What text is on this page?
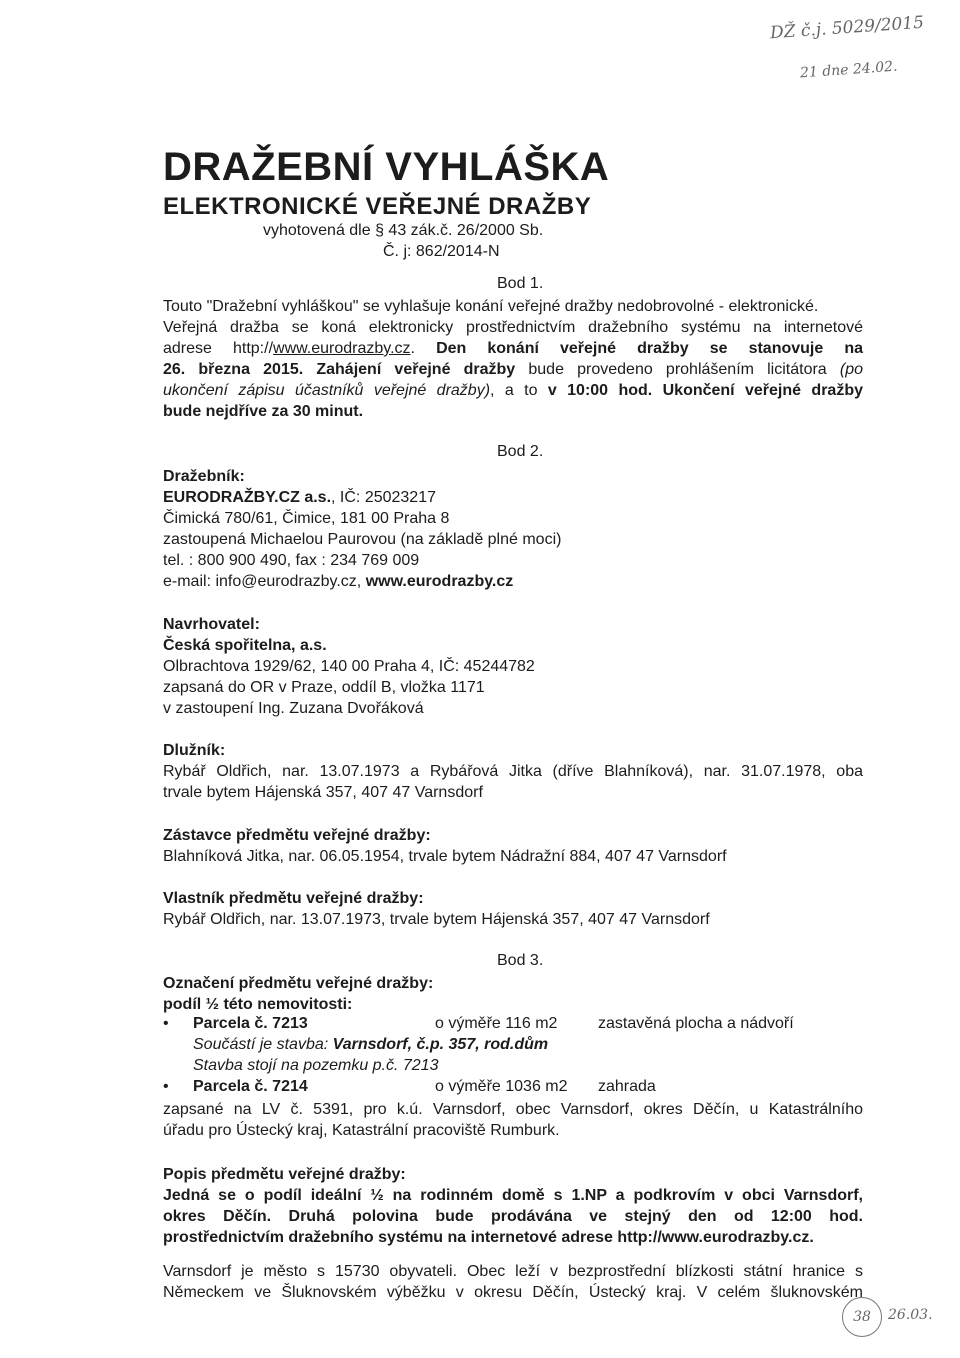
DŽ č.j. 5029/2015
21 dne 24.02.
DRAŽEBNÍ VYHLÁŠKA
ELEKTRONICKÉ VEŘEJNÉ DRAŽBY
vyhotovená dle § 43 zák.č. 26/2000 Sb.
Č. j: 862/2014-N
Bod 1.
Touto "Dražební vyhláškou" se vyhlašuje konání veřejné dražby nedobrovolné - elektronické.
Veřejná dražba se koná elektronicky prostřednictvím dražebního systému na internetové
adrese http://www.eurodrazby.cz. Den konání veřejné dražby se stanovuje na
26. března 2015. Zahájení veřejné dražby bude provedeno prohlášením licitátora (po
ukončení zápisu účastníků veřejné dražby), a to v 10:00 hod. Ukončení veřejné dražby
bude nejdříve za 30 minut.
Bod 2.
Dražebník:
EURODRAŽBY.CZ a.s., IČ: 25023217
Čimická 780/61, Čimice, 181 00 Praha 8
zastoupená Michaelou Paurovou (na základě plné moci)
tel. : 800 900 490, fax : 234 769 009
e-mail: info@eurodrazby.cz, www.eurodrazby.cz
Navrhovatel:
Česká spořitelna, a.s.
Olbrachtova 1929/62, 140 00 Praha 4, IČ: 45244782
zapsaná do OR v Praze, oddíl B, vložka 1171
v zastoupení Ing. Zuzana Dvořáková
Dlužník:
Rybář Oldřich, nar. 13.07.1973 a Rybářová Jitka (dříve Blahníková), nar. 31.07.1978, oba
trvale bytem Hájenská 357, 407 47 Varnsdorf
Zástavce předmětu veřejné dražby:
Blahníková Jitka, nar. 06.05.1954, trvale bytem Nádražní 884, 407 47 Varnsdorf
Vlastník předmětu veřejné dražby:
Rybář Oldřich, nar. 13.07.1973, trvale bytem Hájenská 357, 407 47 Varnsdorf
Bod 3.
Označení předmětu veřejné dražby:
podíl ½ této nemovitosti:
• Parcela č. 7213	o výměře 116 m2	zastavěná plocha a nádvoří
Součástí je stavba: Varnsdorf, č.p. 357, rod.dům
Stavba stojí na pozemku p.č. 7213
• Parcela č. 7214	o výměře 1036 m2 zahrada
zapsané na LV č. 5391, pro k.ú. Varnsdorf, obec Varnsdorf, okres Děčín, u Katastrálního
úřadu pro Ústecký kraj, Katastrální pracoviště Rumburk.
Popis předmětu veřejné dražby:
Jedná se o podíl ideální ½ na rodinném domě s 1.NP a podkrovím v obci Varnsdorf,
okres Děčín. Druhá polovina bude prodávána ve stejný den od 12:00 hod.
prostřednictvím dražebního systému na internetové adrese http://www.eurodrazby.cz.
Varnsdorf je město s 15730 obyvateli. Obec leží v bezprostřední blízkosti státní hranice s
Německem ve Šluknovském výběžku v okresu Děčín, Ústecký kraj. V celém šluknovském
38	26.03.
